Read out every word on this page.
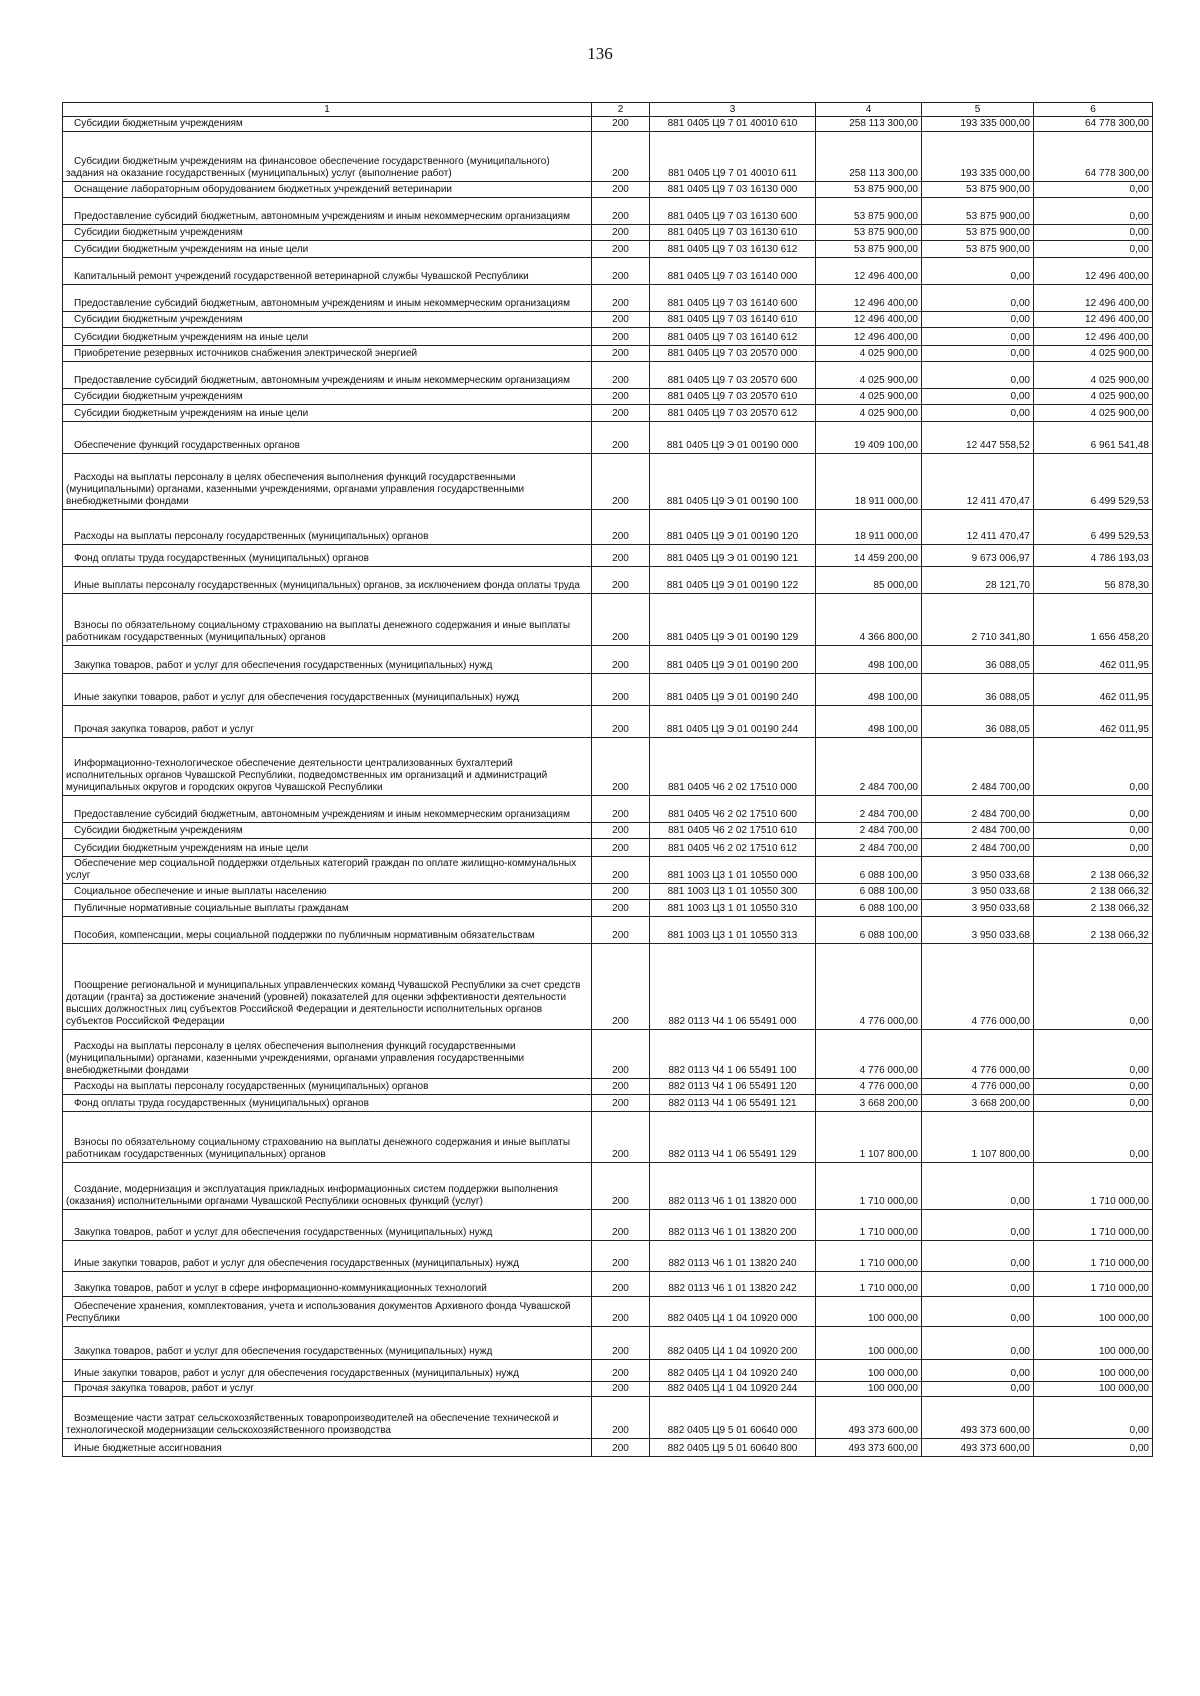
136
1	2	3	4	5	6
Субсидии бюджетным учреждениям	200	881 0405 Ц9 7 01 40010 610	258 113 300,00	193 335 000,00	64 778 300,00
Субсидии бюджетным учреждениям на финансовое обеспечение государственного (муниципального) задания на оказание государственных (муниципальных) услуг (выполнение работ)	200	881 0405 Ц9 7 01 40010 611	258 113 300,00	193 335 000,00	64 778 300,00
Оснащение лабораторным оборудованием бюджетных учреждений ветеринарии	200	881 0405 Ц9 7 03 16130 000	53 875 900,00	53 875 900,00	0,00
Предоставление субсидий бюджетным, автономным учреждениям и иным некоммерческим организациям	200	881 0405 Ц9 7 03 16130 600	53 875 900,00	53 875 900,00	0,00
Субсидии бюджетным учреждениям	200	881 0405 Ц9 7 03 16130 610	53 875 900,00	53 875 900,00	0,00
Субсидии бюджетным учреждениям на иные цели	200	881 0405 Ц9 7 03 16130 612	53 875 900,00	53 875 900,00	0,00
Капитальный ремонт учреждений государственной ветеринарной службы Чувашской Республики	200	881 0405 Ц9 7 03 16140 000	12 496 400,00	0,00	12 496 400,00
Предоставление субсидий бюджетным, автономным учреждениям и иным некоммерческим организациям	200	881 0405 Ц9 7 03 16140 600	12 496 400,00	0,00	12 496 400,00
Субсидии бюджетным учреждениям	200	881 0405 Ц9 7 03 16140 610	12 496 400,00	0,00	12 496 400,00
Субсидии бюджетным учреждениям на иные цели	200	881 0405 Ц9 7 03 16140 612	12 496 400,00	0,00	12 496 400,00
Приобретение резервных источников снабжения электрической энергией	200	881 0405 Ц9 7 03 20570 000	4 025 900,00	0,00	4 025 900,00
Предоставление субсидий бюджетным, автономным учреждениям и иным некоммерческим организациям	200	881 0405 Ц9 7 03 20570 600	4 025 900,00	0,00	4 025 900,00
Субсидии бюджетным учреждениям	200	881 0405 Ц9 7 03 20570 610	4 025 900,00	0,00	4 025 900,00
Субсидии бюджетным учреждениям на иные цели	200	881 0405 Ц9 7 03 20570 612	4 025 900,00	0,00	4 025 900,00
Обеспечение функций государственных органов	200	881 0405 Ц9 Э 01 00190 000	19 409 100,00	12 447 558,52	6 961 541,48
Расходы на выплаты персоналу в целях обеспечения выполнения функций государственными (муниципальными) органами, казенными учреждениями, органами управления государственными внебюджетными фондами	200	881 0405 Ц9 Э 01 00190 100	18 911 000,00	12 411 470,47	6 499 529,53
Расходы на выплаты персоналу государственных (муниципальных) органов	200	881 0405 Ц9 Э 01 00190 120	18 911 000,00	12 411 470,47	6 499 529,53
Фонд оплаты труда государственных (муниципальных) органов	200	881 0405 Ц9 Э 01 00190 121	14 459 200,00	9 673 006,97	4 786 193,03
Иные выплаты персоналу государственных (муниципальных) органов, за исключением фонда оплаты труда	200	881 0405 Ц9 Э 01 00190 122	85 000,00	28 121,70	56 878,30
Взносы по обязательному социальному страхованию на выплаты денежного содержания и иные выплаты работникам государственных (муниципальных) органов	200	881 0405 Ц9 Э 01 00190 129	4 366 800,00	2 710 341,80	1 656 458,20
Закупка товаров, работ и услуг для обеспечения государственных (муниципальных) нужд	200	881 0405 Ц9 Э 01 00190 200	498 100,00	36 088,05	462 011,95
Иные закупки товаров, работ и услуг для обеспечения государственных (муниципальных) нужд	200	881 0405 Ц9 Э 01 00190 240	498 100,00	36 088,05	462 011,95
Прочая закупка товаров, работ и услуг	200	881 0405 Ц9 Э 01 00190 244	498 100,00	36 088,05	462 011,95
Информационно-технологическое обеспечение деятельности централизованных бухгалтерий исполнительных органов Чувашской Республики, подведомственных им организаций и администраций муниципальных округов и городских округов Чувашской Республики	200	881 0405 Ч6 2 02 17510 000	2 484 700,00	2 484 700,00	0,00
Предоставление субсидий бюджетным, автономным учреждениям и иным некоммерческим организациям	200	881 0405 Ч6 2 02 17510 600	2 484 700,00	2 484 700,00	0,00
Субсидии бюджетным учреждениям	200	881 0405 Ч6 2 02 17510 610	2 484 700,00	2 484 700,00	0,00
Субсидии бюджетным учреждениям на иные цели	200	881 0405 Ч6 2 02 17510 612	2 484 700,00	2 484 700,00	0,00
Обеспечение мер социальной поддержки отдельных категорий граждан по оплате жилищно-коммунальных услуг	200	881 1003 Ц3 1 01 10550 000	6 088 100,00	3 950 033,68	2 138 066,32
Социальное обеспечение и иные выплаты населению	200	881 1003 Ц3 1 01 10550 300	6 088 100,00	3 950 033,68	2 138 066,32
Публичные нормативные социальные выплаты гражданам	200	881 1003 Ц3 1 01 10550 310	6 088 100,00	3 950 033,68	2 138 066,32
Пособия, компенсации, меры социальной поддержки по публичным нормативным обязательствам	200	881 1003 Ц3 1 01 10550 313	6 088 100,00	3 950 033,68	2 138 066,32
Поощрение региональной и муниципальных управленческих команд Чувашской Республики за счет средств дотации (гранта) за достижение значений (уровней) показателей для оценки эффективности деятельности высших должностных лиц субъектов Российской Федерации и деятельности исполнительных органов субъектов Российской Федерации	200	882 0113 Ч4 1 06 55491 000	4 776 000,00	4 776 000,00	0,00
Расходы на выплаты персоналу в целях обеспечения выполнения функций государственными (муниципальными) органами, казенными учреждениями, органами управления государственными внебюджетными фондами	200	882 0113 Ч4 1 06 55491 100	4 776 000,00	4 776 000,00	0,00
Расходы на выплаты персоналу государственных (муниципальных) органов	200	882 0113 Ч4 1 06 55491 120	4 776 000,00	4 776 000,00	0,00
Фонд оплаты труда государственных (муниципальных) органов	200	882 0113 Ч4 1 06 55491 121	3 668 200,00	3 668 200,00	0,00
Взносы по обязательному социальному страхованию на выплаты денежного содержания и иные выплаты работникам государственных (муниципальных) органов	200	882 0113 Ч4 1 06 55491 129	1 107 800,00	1 107 800,00	0,00
Создание, модернизация и эксплуатация прикладных информационных систем поддержки выполнения (оказания) исполнительными органами Чувашской Республики основных функций (услуг)	200	882 0113 Ч6 1 01 13820 000	1 710 000,00	0,00	1 710 000,00
Закупка товаров, работ и услуг для обеспечения государственных (муниципальных) нужд	200	882 0113 Ч6 1 01 13820 200	1 710 000,00	0,00	1 710 000,00
Иные закупки товаров, работ и услуг для обеспечения государственных (муниципальных) нужд	200	882 0113 Ч6 1 01 13820 240	1 710 000,00	0,00	1 710 000,00
Закупка товаров, работ и услуг в сфере информационно-коммуникационных технологий	200	882 0113 Ч6 1 01 13820 242	1 710 000,00	0,00	1 710 000,00
Обеспечение хранения, комплектования, учета и использования документов Архивного фонда Чувашской Республики	200	882 0405 Ц4 1 04 10920 000	100 000,00	0,00	100 000,00
Закупка товаров, работ и услуг для обеспечения государственных (муниципальных) нужд	200	882 0405 Ц4 1 04 10920 200	100 000,00	0,00	100 000,00
Иные закупки товаров, работ и услуг для обеспечения государственных (муниципальных) нужд	200	882 0405 Ц4 1 04 10920 240	100 000,00	0,00	100 000,00
Прочая закупка товаров, работ и услуг	200	882 0405 Ц4 1 04 10920 244	100 000,00	0,00	100 000,00
Возмещение части затрат сельскохозяйственных товаропроизводителей на обеспечение технической и технологической модернизации сельскохозяйственного производства	200	882 0405 Ц9 5 01 60640 000	493 373 600,00	493 373 600,00	0,00
Иные бюджетные ассигнования	200	882 0405 Ц9 5 01 60640 800	493 373 600,00	493 373 600,00	0,00
